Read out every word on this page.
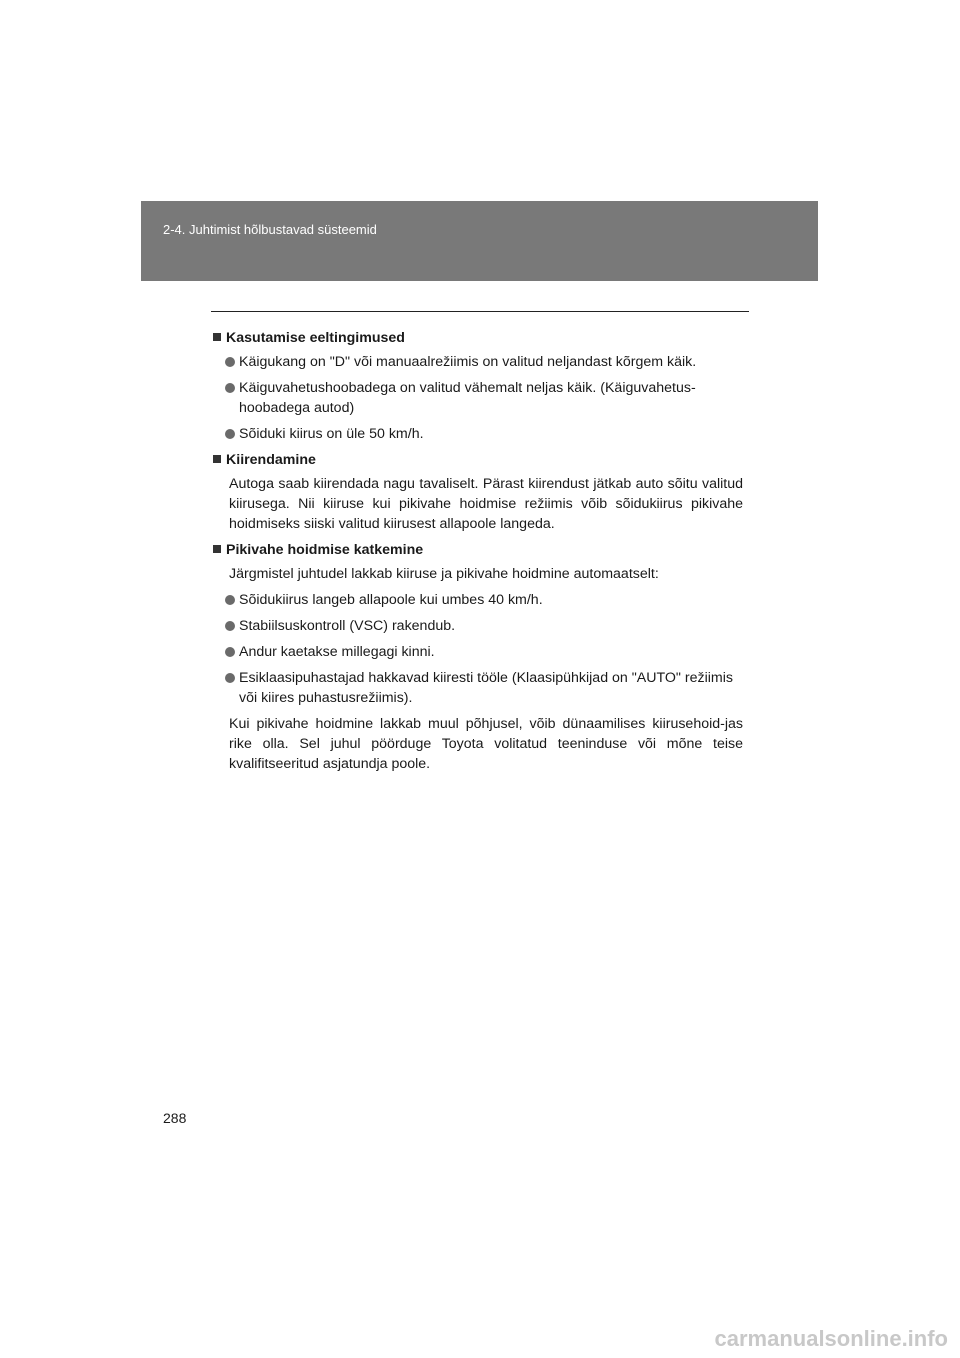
2-4. Juhtimist hõlbustavad süsteemid
Kasutamise eeltingimused
Käigukang on "D" või manuaalrežiimis on valitud neljandast kõrgem käik.
Käiguvahetushoobadega on valitud vähemalt neljas käik. (Käiguvahetus-hoobadega autod)
Sõiduki kiirus on üle 50 km/h.
Kiirendamine
Autoga saab kiirendada nagu tavaliselt. Pärast kiirendust jätkab auto sõitu valitud kiirusega. Nii kiiruse kui pikivahe hoidmise režiimis võib sõidukiirus pikivahe hoidmiseks siiski valitud kiirusest allapoole langeda.
Pikivahe hoidmise katkemine
Järgmistel juhtudel lakkab kiiruse ja pikivahe hoidmine automaatselt:
Sõidukiirus langeb allapoole kui umbes 40 km/h.
Stabiilsuskontroll (VSC) rakendub.
Andur kaetakse millegagi kinni.
Esiklaasipuhastajad hakkavad kiiresti tööle (Klaasipühkijad on "AUTO" režiimis või kiires puhastusrežiimis).
Kui pikivahe hoidmine lakkab muul põhjusel, võib dünaamilises kiirusehoid-jas rike olla. Sel juhul pöörduge Toyota volitatud teeninduse või mõne teise kvalifitseeritud asjatundja poole.
288
carmanualsonline.info
